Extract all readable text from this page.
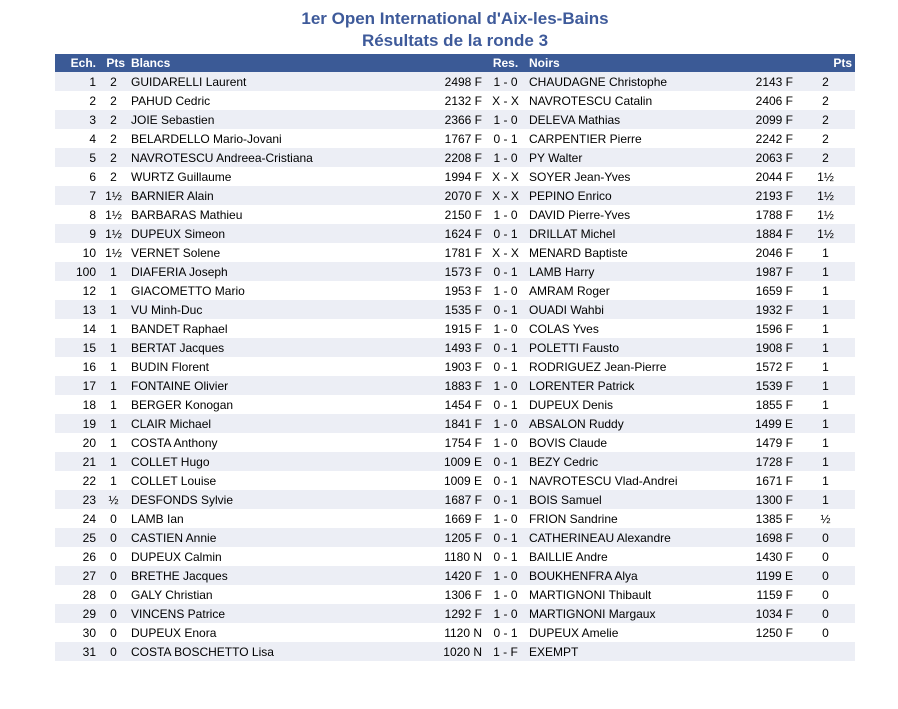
1er Open International d'Aix-les-Bains
Résultats de la ronde 3
Ech.	Pts	Blancs		Res.	Noirs		Pts
1	2	GUIDARELLI Laurent	2498 F	1 - 0	CHAUDAGNE Christophe	2143 F	2
2	2	PAHUD Cedric	2132 F	X - X	NAVROTESCU Catalin	2406 F	2
3	2	JOIE Sebastien	2366 F	1 - 0	DELEVA Mathias	2099 F	2
4	2	BELARDELLO Mario-Jovani	1767 F	0 - 1	CARPENTIER Pierre	2242 F	2
5	2	NAVROTESCU Andreea-Cristiana	2208 F	1 - 0	PY Walter	2063 F	2
6	2	WURTZ Guillaume	1994 F	X - X	SOYER Jean-Yves	2044 F	1½
7	1½	BARNIER Alain	2070 F	X - X	PEPINO Enrico	2193 F	1½
8	1½	BARBARAS Mathieu	2150 F	1 - 0	DAVID Pierre-Yves	1788 F	1½
9	1½	DUPEUX Simeon	1624 F	0 - 1	DRILLAT Michel	1884 F	1½
10	1½	VERNET Solene	1781 F	X - X	MENARD Baptiste	2046 F	1
100	1	DIAFERIA Joseph	1573 F	0 - 1	LAMB Harry	1987 F	1
12	1	GIACOMETTO Mario	1953 F	1 - 0	AMRAM Roger	1659 F	1
13	1	VU Minh-Duc	1535 F	0 - 1	OUADI Wahbi	1932 F	1
14	1	BANDET Raphael	1915 F	1 - 0	COLAS Yves	1596 F	1
15	1	BERTAT Jacques	1493 F	0 - 1	POLETTI Fausto	1908 F	1
16	1	BUDIN Florent	1903 F	0 - 1	RODRIGUEZ Jean-Pierre	1572 F	1
17	1	FONTAINE Olivier	1883 F	1 - 0	LORENTER Patrick	1539 F	1
18	1	BERGER Konogan	1454 F	0 - 1	DUPEUX Denis	1855 F	1
19	1	CLAIR Michael	1841 F	1 - 0	ABSALON Ruddy	1499 E	1
20	1	COSTA Anthony	1754 F	1 - 0	BOVIS Claude	1479 F	1
21	1	COLLET Hugo	1009 E	0 - 1	BEZY Cedric	1728 F	1
22	1	COLLET Louise	1009 E	0 - 1	NAVROTESCU Vlad-Andrei	1671 F	1
23	½	DESFONDS Sylvie	1687 F	0 - 1	BOIS Samuel	1300 F	1
24	0	LAMB Ian	1669 F	1 - 0	FRION Sandrine	1385 F	½
25	0	CASTIEN Annie	1205 F	0 - 1	CATHERINEAU Alexandre	1698 F	0
26	0	DUPEUX Calmin	1180 N	0 - 1	BAILLIE Andre	1430 F	0
27	0	BRETHE Jacques	1420 F	1 - 0	BOUKHENFRA Alya	1199 E	0
28	0	GALY Christian	1306 F	1 - 0	MARTIGNONI Thibault	1159 F	0
29	0	VINCENS Patrice	1292 F	1 - 0	MARTIGNONI Margaux	1034 F	0
30	0	DUPEUX Enora	1120 N	0 - 1	DUPEUX Amelie	1250 F	0
31	0	COSTA BOSCHETTO Lisa	1020 N	1 - F	EXEMPT		
